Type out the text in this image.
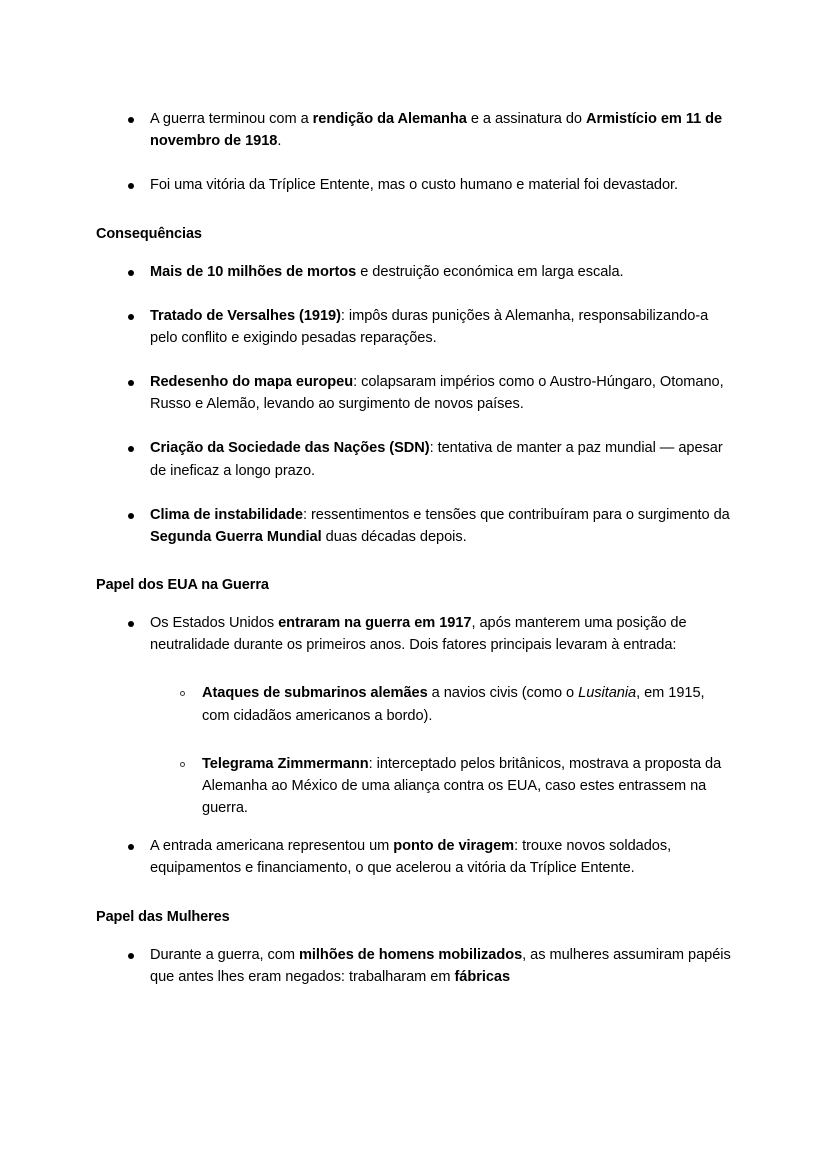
A guerra terminou com a rendição da Alemanha e a assinatura do Armistício em 11 de novembro de 1918.
Foi uma vitória da Tríplice Entente, mas o custo humano e material foi devastador.
Consequências
Mais de 10 milhões de mortos e destruição económica em larga escala.
Tratado de Versalhes (1919): impôs duras punições à Alemanha, responsabilizando-a pelo conflito e exigindo pesadas reparações.
Redesenho do mapa europeu: colapsaram impérios como o Austro-Húngaro, Otomano, Russo e Alemão, levando ao surgimento de novos países.
Criação da Sociedade das Nações (SDN): tentativa de manter a paz mundial — apesar de ineficaz a longo prazo.
Clima de instabilidade: ressentimentos e tensões que contribuíram para o surgimento da Segunda Guerra Mundial duas décadas depois.
Papel dos EUA na Guerra
Os Estados Unidos entraram na guerra em 1917, após manterem uma posição de neutralidade durante os primeiros anos. Dois fatores principais levaram à entrada:
Ataques de submarinos alemães a navios civis (como o Lusitania, em 1915, com cidadãos americanos a bordo).
Telegrama Zimmermann: interceptado pelos britânicos, mostrava a proposta da Alemanha ao México de uma aliança contra os EUA, caso estes entrassem na guerra.
A entrada americana representou um ponto de viragem: trouxe novos soldados, equipamentos e financiamento, o que acelerou a vitória da Tríplice Entente.
Papel das Mulheres
Durante a guerra, com milhões de homens mobilizados, as mulheres assumiram papéis que antes lhes eram negados: trabalharam em fábricas
